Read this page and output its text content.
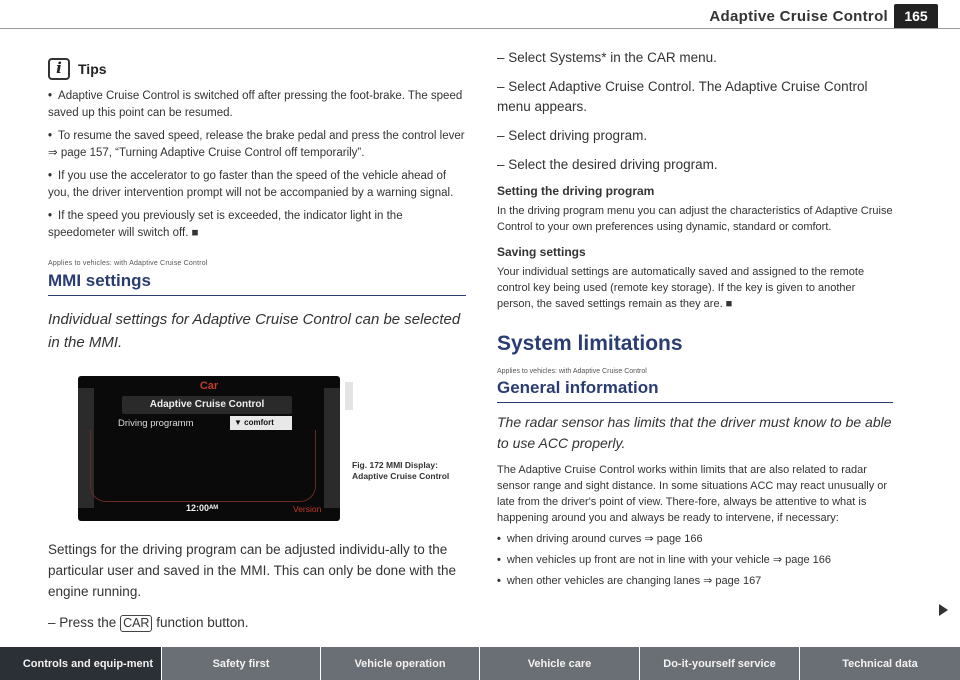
Adaptive Cruise Control	165
i	Tips

• Adaptive Cruise Control is switched off after pressing the foot-brake. The speed saved up this point can be resumed.

• To resume the saved speed, release the brake pedal and press the control lever ⇒ page 157, “Turning Adaptive Cruise Control off temporarily”.

• If you use the accelerator to go faster than the speed of the vehicle ahead of you, the driver intervention prompt will not be accompanied by a warning signal.

• If the speed you previously set is exceeded, the indicator light in the speedometer will switch off. ■

Applies to vehicles: with Adaptive Cruise Control
MMI settings

Individual settings for Adaptive Cruise Control can be selected in the MMI.

Car
Adaptive Cruise Control
Driving programm	▼ comfort
12:00ᴬᴹ	Version
Fig. 172 MMI Display: Adaptive Cruise Control

Settings for the driving program can be adjusted individu-ally to the particular user and saved in the MMI. This can only be done with the engine running.

– Press the CAR function button.

– Select Systems* in the CAR menu.

– Select Adaptive Cruise Control. The Adaptive Cruise Control menu appears.

– Select driving program.

– Select the desired driving program.

Setting the driving program

In the driving program menu you can adjust the characteristics of Adaptive Cruise Control to your own preferences using dynamic, standard or comfort.

Saving settings

Your individual settings are automatically saved and assigned to the remote control key being used (remote key storage). If the key is given to another person, the saved settings remain as they are. ■

System limitations
Applies to vehicles: with Adaptive Cruise Control
General information

The radar sensor has limits that the driver must know to be able to use ACC properly.

The Adaptive Cruise Control works within limits that are also related to radar sensor range and sight distance. In some situations ACC may react unusually or late from the driver's point of view. There-fore, always be attentive to what is happening around you and always be ready to intervene, if necessary:

• when driving around curves ⇒ page 166

• when vehicles up front are not in line with your vehicle ⇒ page 166

• when other vehicles are changing lanes ⇒ page 167

Controls and equip-ment	Safety first	Vehicle operation	Vehicle care	Do-it-yourself service	Technical data
